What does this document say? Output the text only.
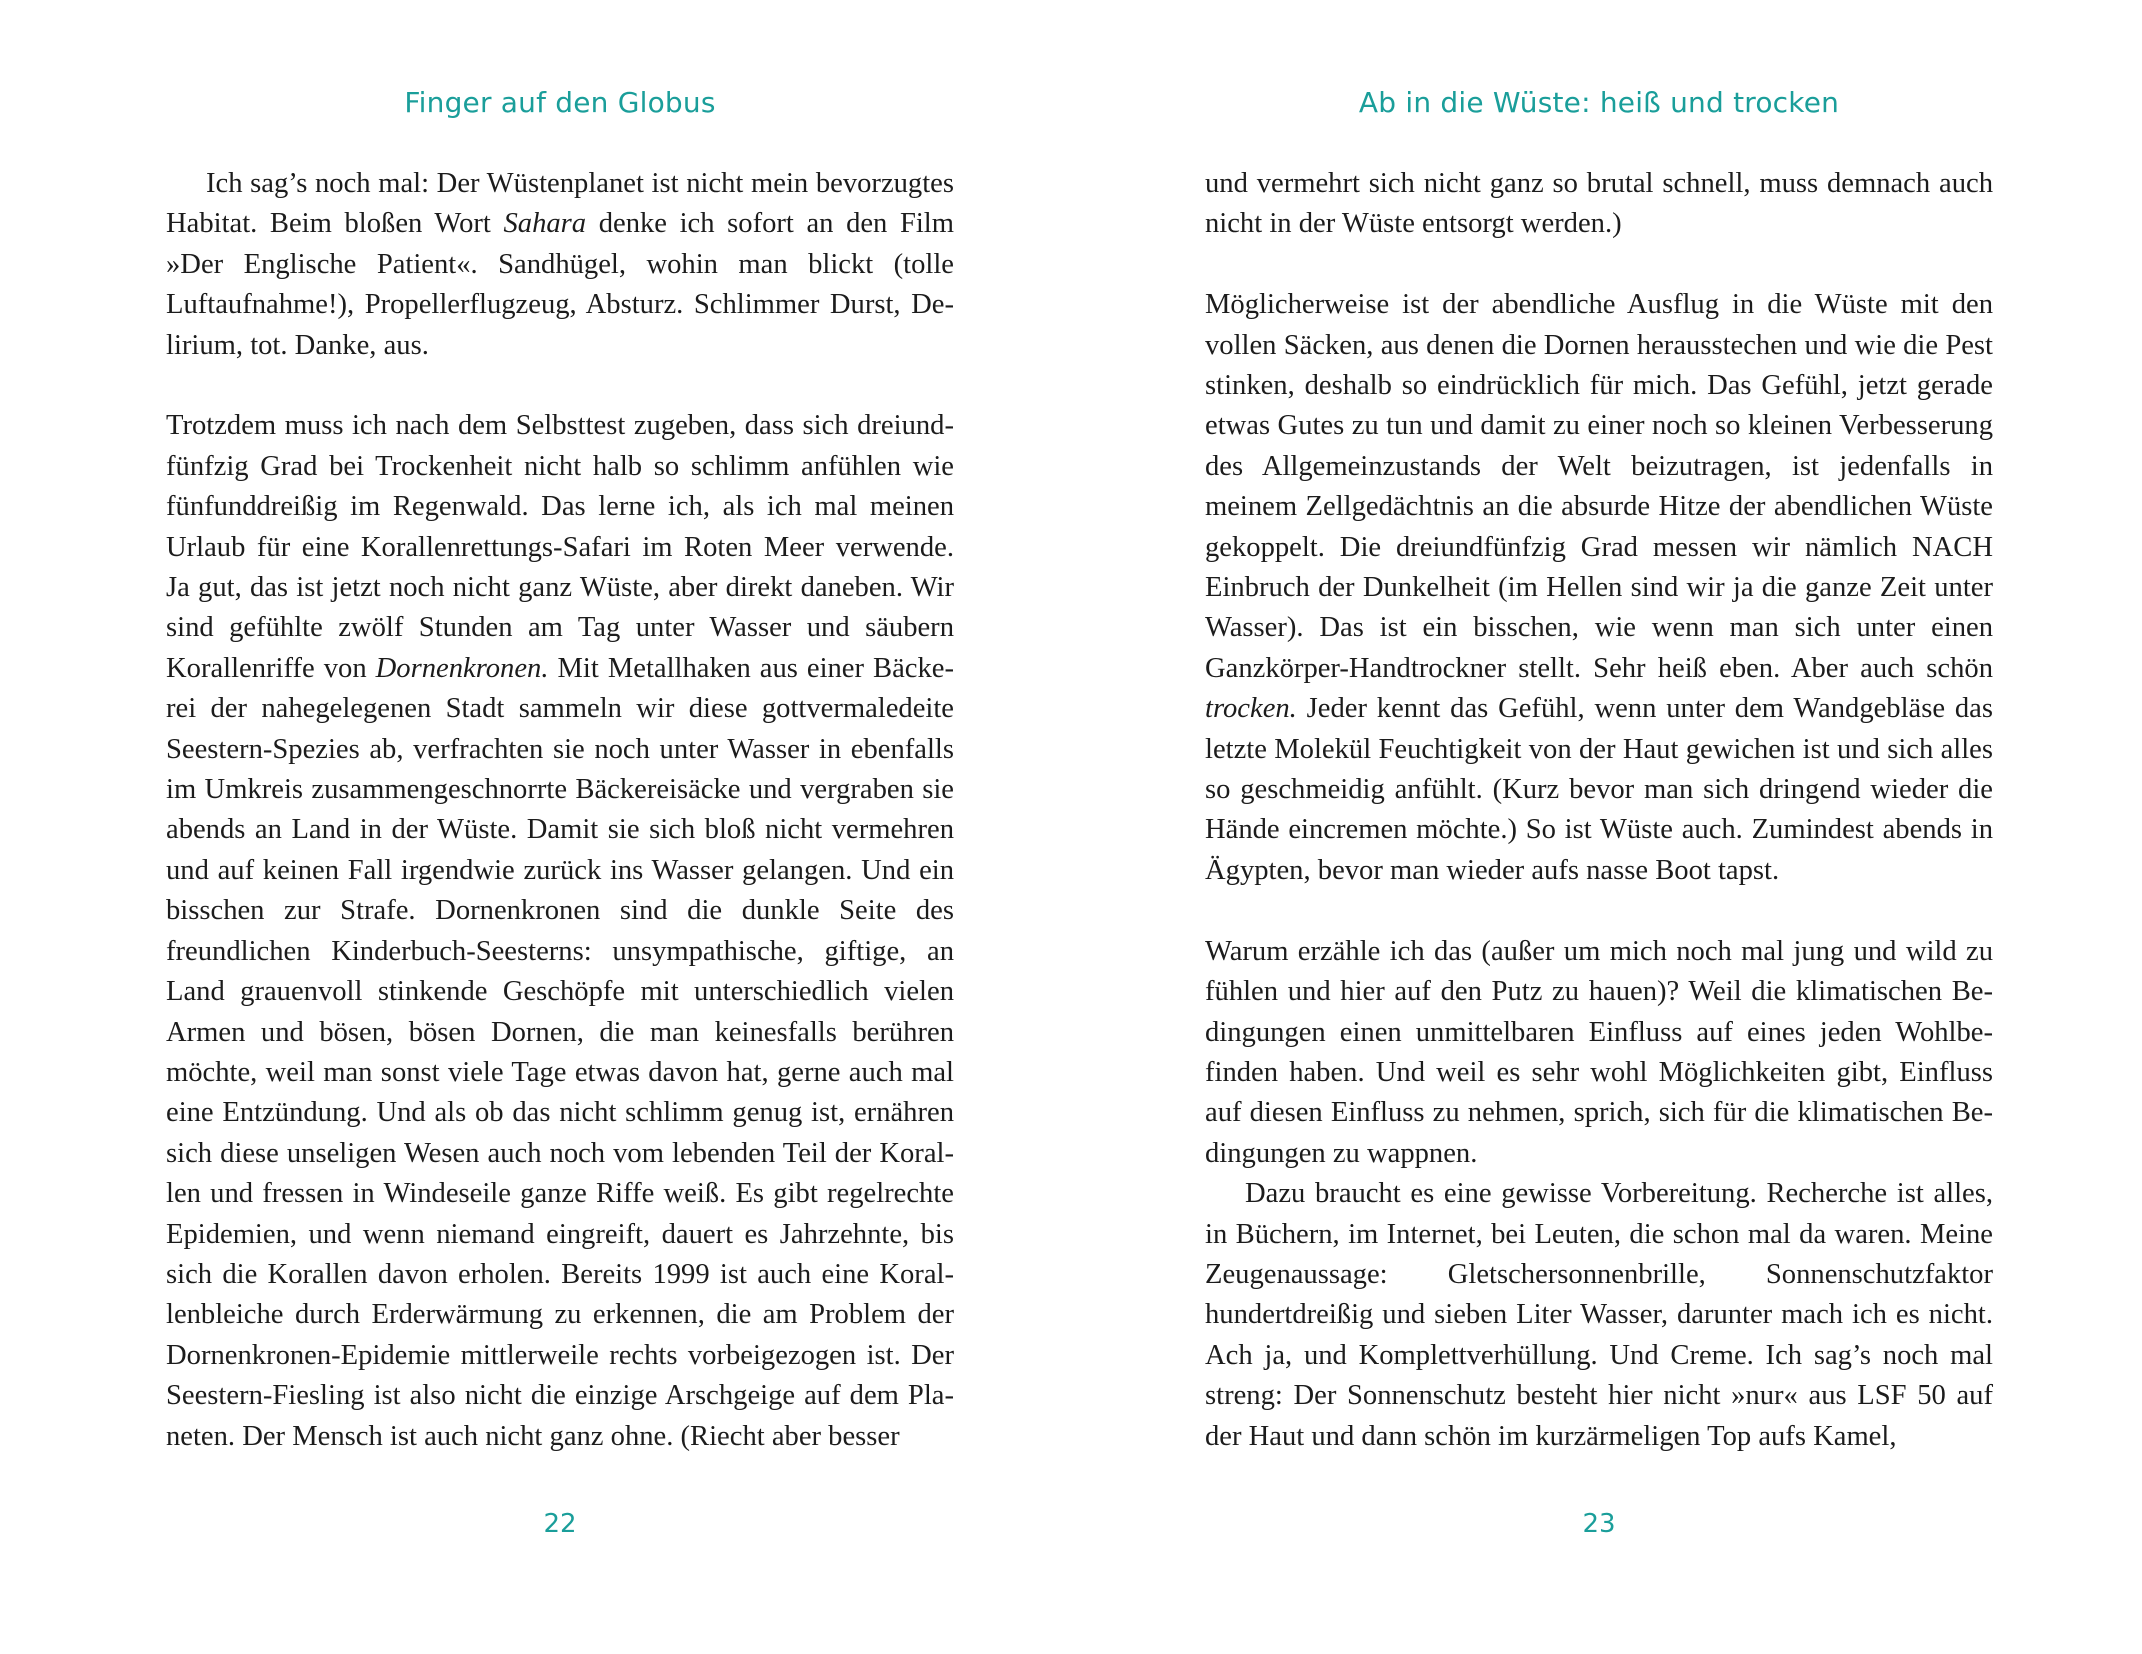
Finger auf den Globus

Ich sag’s noch mal: Der Wüstenplanet ist nicht mein bevorzugtes Habitat. Beim bloßen Wort Sahara denke ich sofort an den Film »Der Englische Patient«. Sandhügel, wohin man blickt (tolle Luftaufnahme!), Propellerflugzeug, Absturz. Schlimmer Durst, Delirium, tot. Danke, aus.

Trotzdem muss ich nach dem Selbsttest zugeben, dass sich dreiundfünfzig Grad bei Trockenheit nicht halb so schlimm anfühlen wie fünfunddreißig im Regenwald. Das lerne ich, als ich mal meinen Urlaub für eine Korallenrettungs-Safari im Roten Meer verwende. Ja gut, das ist jetzt noch nicht ganz Wüste, aber direkt daneben. Wir sind gefühlte zwölf Stunden am Tag unter Wasser und säubern Korallenriffe von Dornenkronen. Mit Metallhaken aus einer Bäckerei der nahegelegenen Stadt sammeln wir diese gottvermaledeite Seestern-Spezies ab, verfrachten sie noch unter Wasser in ebenfalls im Umkreis zusammengeschnorrte Bäckereisäcke und vergraben sie abends an Land in der Wüste. Damit sie sich bloß nicht vermehren und auf keinen Fall irgendwie zurück ins Wasser gelangen. Und ein bisschen zur Strafe. Dornenkronen sind die dunkle Seite des freundlichen Kinderbuch-Seesterns: unsympathische, giftige, an Land grauenvoll stinkende Geschöpfe mit unterschiedlich vielen Armen und bösen, bösen Dornen, die man keinesfalls berühren möchte, weil man sonst viele Tage etwas davon hat, gerne auch mal eine Entzündung. Und als ob das nicht schlimm genug ist, ernähren sich diese unseligen Wesen auch noch vom lebenden Teil der Korallen und fressen in Windeseile ganze Riffe weiß. Es gibt regelrechte Epidemien, und wenn niemand eingreift, dauert es Jahrzehnte, bis sich die Korallen davon erholen. Bereits 1999 ist auch eine Korallenbleiche durch Erderwärmung zu erkennen, die am Problem der Dornenkronen-Epidemie mittlerweile rechts vorbeigezogen ist. Der Seestern-Fiesling ist also nicht die einzige Arschgeige auf dem Planeten. Der Mensch ist auch nicht ganz ohne. (Riecht aber besser

22
Ab in die Wüste: heiß und trocken

und vermehrt sich nicht ganz so brutal schnell, muss demnach auch nicht in der Wüste entsorgt werden.)

Möglicherweise ist der abendliche Ausflug in die Wüste mit den vollen Säcken, aus denen die Dornen herausstechen und wie die Pest stinken, deshalb so eindrücklich für mich. Das Gefühl, jetzt gerade etwas Gutes zu tun und damit zu einer noch so kleinen Verbesserung des Allgemeinzustands der Welt beizutragen, ist jedenfalls in meinem Zellgedächtnis an die absurde Hitze der abendlichen Wüste gekoppelt. Die dreiundfünfzig Grad messen wir nämlich NACH Einbruch der Dunkelheit (im Hellen sind wir ja die ganze Zeit unter Wasser). Das ist ein bisschen, wie wenn man sich unter einen Ganzkörper-Handtrockner stellt. Sehr heiß eben. Aber auch schön trocken. Jeder kennt das Gefühl, wenn unter dem Wandgebläse das letzte Molekül Feuchtigkeit von der Haut gewichen ist und sich alles so geschmeidig anfühlt. (Kurz bevor man sich dringend wieder die Hände eincremen möchte.) So ist Wüste auch. Zumindest abends in Ägypten, bevor man wieder aufs nasse Boot tapst.

Warum erzähle ich das (außer um mich noch mal jung und wild zu fühlen und hier auf den Putz zu hauen)? Weil die klimatischen Bedingungen einen unmittelbaren Einfluss auf eines jeden Wohlbefinden haben. Und weil es sehr wohl Möglichkeiten gibt, Einfluss auf diesen Einfluss zu nehmen, sprich, sich für die klimatischen Bedingungen zu wappnen.

Dazu braucht es eine gewisse Vorbereitung. Recherche ist alles, in Büchern, im Internet, bei Leuten, die schon mal da waren. Meine Zeugenaussage: Gletschersonnenbrille, Sonnenschutzfaktor hundertdreißig und sieben Liter Wasser, darunter mach ich es nicht. Ach ja, und Komplettverhüllung. Und Creme. Ich sag’s noch mal streng: Der Sonnenschutz besteht hier nicht »nur« aus LSF 50 auf der Haut und dann schön im kurzärmeligen Top aufs Kamel,

23
